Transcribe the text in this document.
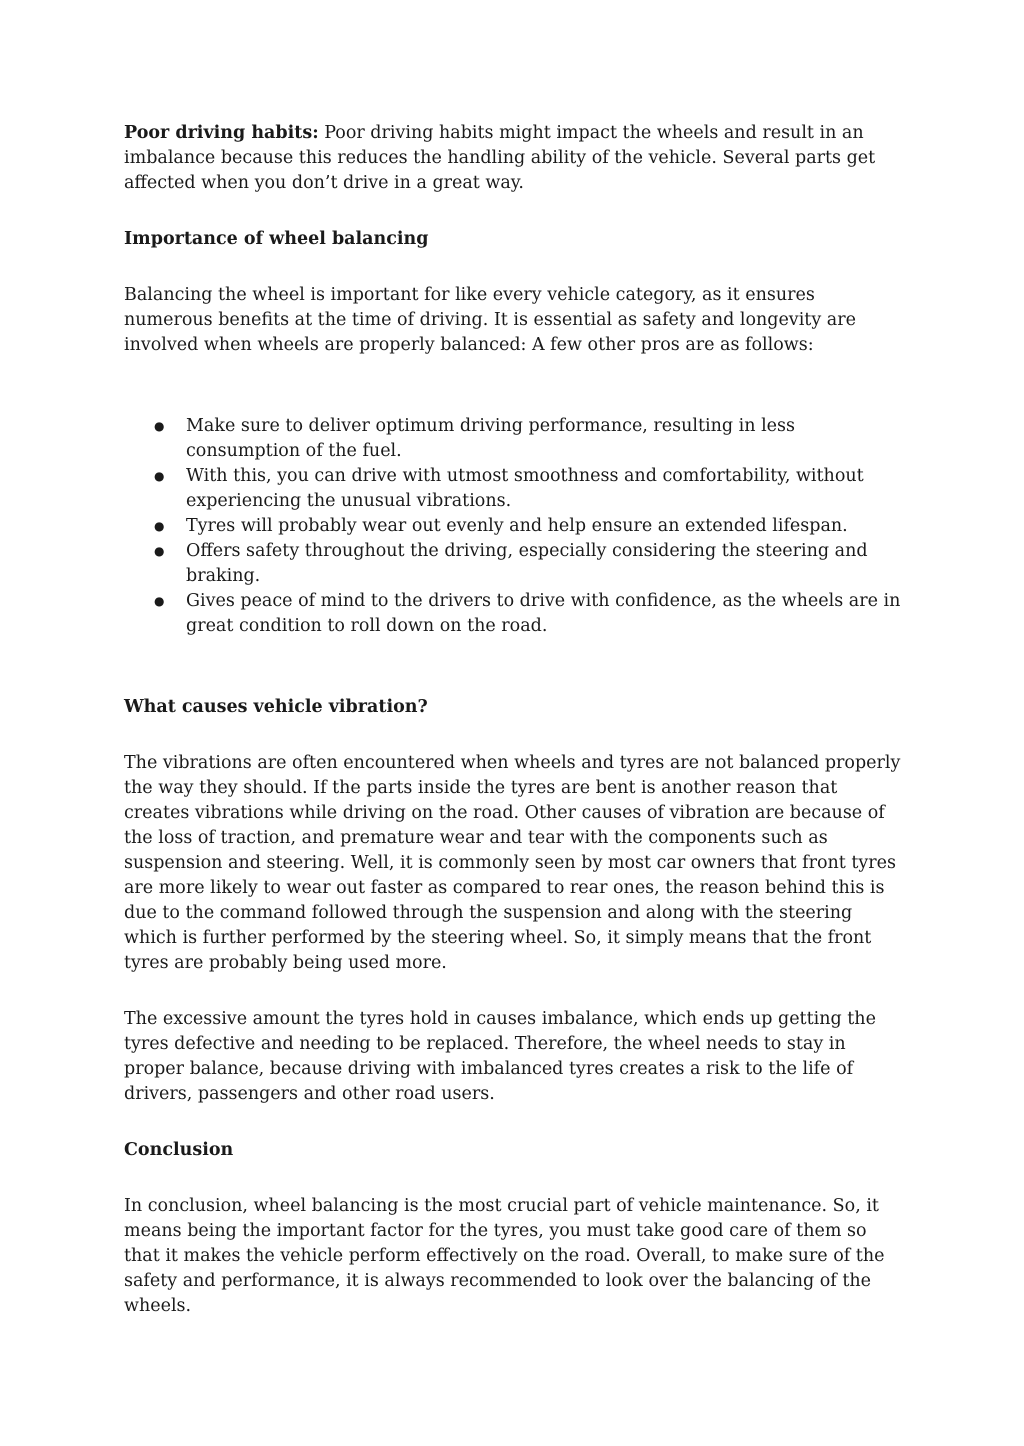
Poor driving habits: Poor driving habits might impact the wheels and result in an imbalance because this reduces the handling ability of the vehicle. Several parts get affected when you don’t drive in a great way.

Importance of wheel balancing

Balancing the wheel is important for like every vehicle category, as it ensures numerous benefits at the time of driving. It is essential as safety and longevity are involved when wheels are properly balanced: A few other pros are as follows:

● Make sure to deliver optimum driving performance, resulting in less consumption of the fuel.
● With this, you can drive with utmost smoothness and comfortability, without experiencing the unusual vibrations.
● Tyres will probably wear out evenly and help ensure an extended lifespan.
● Offers safety throughout the driving, especially considering the steering and braking.
● Gives peace of mind to the drivers to drive with confidence, as the wheels are in great condition to roll down on the road.

What causes vehicle vibration?

The vibrations are often encountered when wheels and tyres are not balanced properly the way they should. If the parts inside the tyres are bent is another reason that creates vibrations while driving on the road. Other causes of vibration are because of the loss of traction, and premature wear and tear with the components such as suspension and steering. Well, it is commonly seen by most car owners that front tyres are more likely to wear out faster as compared to rear ones, the reason behind this is due to the command followed through the suspension and along with the steering which is further performed by the steering wheel. So, it simply means that the front tyres are probably being used more.

The excessive amount the tyres hold in causes imbalance, which ends up getting the tyres defective and needing to be replaced. Therefore, the wheel needs to stay in proper balance, because driving with imbalanced tyres creates a risk to the life of drivers, passengers and other road users.

Conclusion

In conclusion, wheel balancing is the most crucial part of vehicle maintenance. So, it means being the important factor for the tyres, you must take good care of them so that it makes the vehicle perform effectively on the road. Overall, to make sure of the safety and performance, it is always recommended to look over the balancing of the wheels.
